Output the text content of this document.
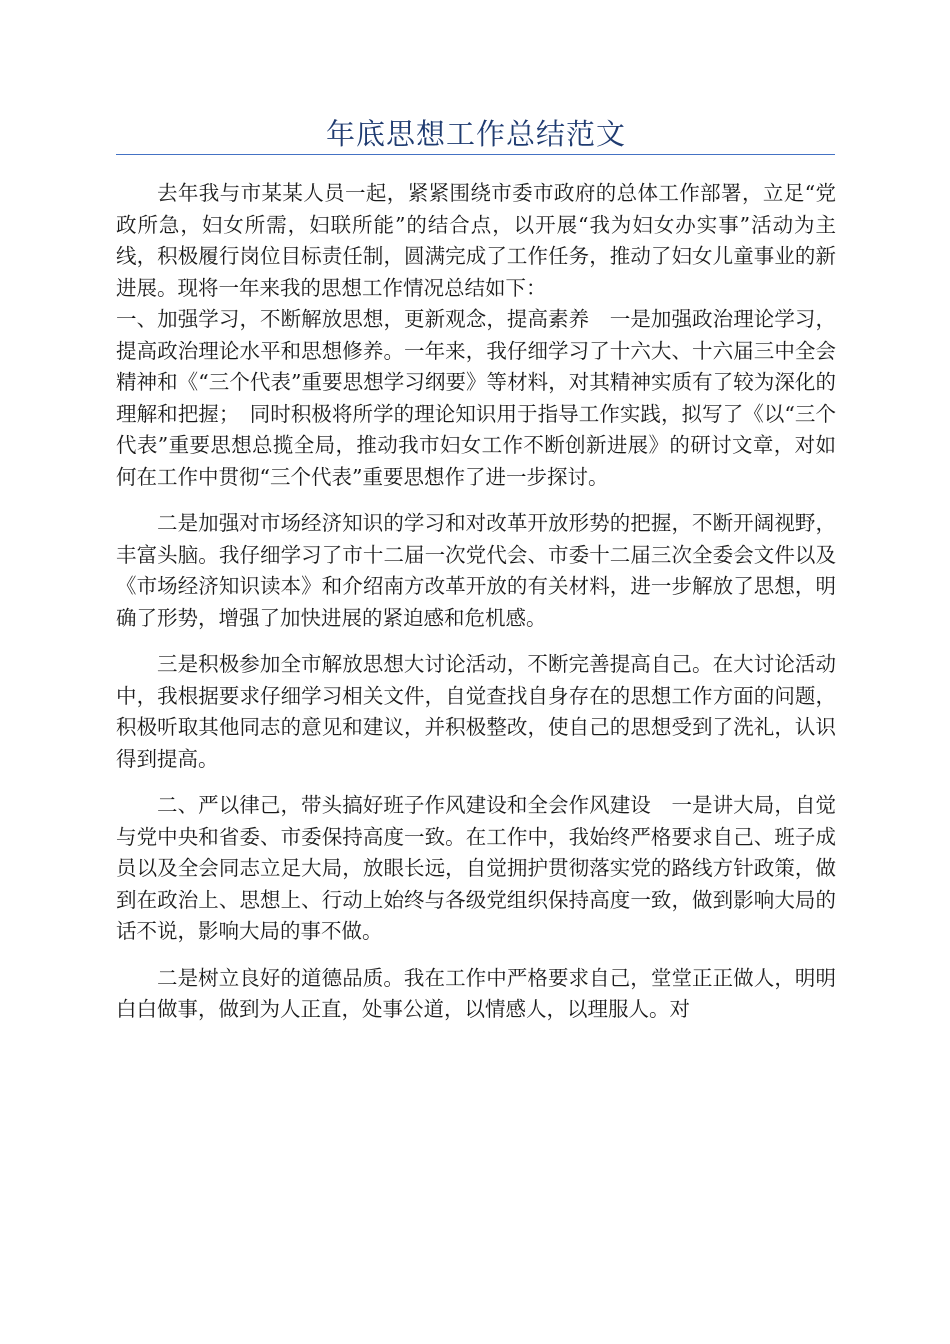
年底思想工作总结范文

去年我与市某某人员一起，紧紧围绕市委市政府的总体工作部署，立足“党政所急，妇女所需，妇联所能”的结合点，以开展“我为妇女办实事”活动为主线，积极履行岗位目标责任制，圆满完成了工作任务，推动了妇女儿童事业的新进展。现将一年来我的思想工作情况总结如下：

一、加强学习，不断解放思想，更新观念，提高素养　一是加强政治理论学习，提高政治理论水平和思想修养。一年来，我仔细学习了十六大、十六届三中全会精神和《“三个代表”重要思想学习纲要》等材料，对其精神实质有了较为深化的理解和把握；　同时积极将所学的理论知识用于指导工作实践，拟写了《以“三个代表”重要思想总揽全局，推动我市妇女工作不断创新进展》的研讨文章，对如何在工作中贯彻“三个代表”重要思想作了进一步探讨。

二是加强对市场经济知识的学习和对改革开放形势的把握，不断开阔视野，丰富头脑。我仔细学习了市十二届一次党代会、市委十二届三次全委会文件以及《市场经济知识读本》和介绍南方改革开放的有关材料，进一步解放了思想，明确了形势，增强了加快进展的紧迫感和危机感。

三是积极参加全市解放思想大讨论活动，不断完善提高自己。在大讨论活动中，我根据要求仔细学习相关文件，自觉查找自身存在的思想工作方面的问题，积极听取其他同志的意见和建议，并积极整改，使自己的思想受到了洗礼，认识得到提高。

二、严以律己，带头搞好班子作风建设和全会作风建设　一是讲大局，自觉与党中央和省委、市委保持高度一致。在工作中，我始终严格要求自己、班子成员以及全会同志立足大局，放眼长远，自觉拥护贯彻落实党的路线方针政策，做到在政治上、思想上、行动上始终与各级党组织保持高度一致，做到影响大局的话不说，影响大局的事不做。

二是树立良好的道德品质。我在工作中严格要求自己，堂堂正正做人，明明白白做事，做到为人正直，处事公道，以情感人，以理服人。对
